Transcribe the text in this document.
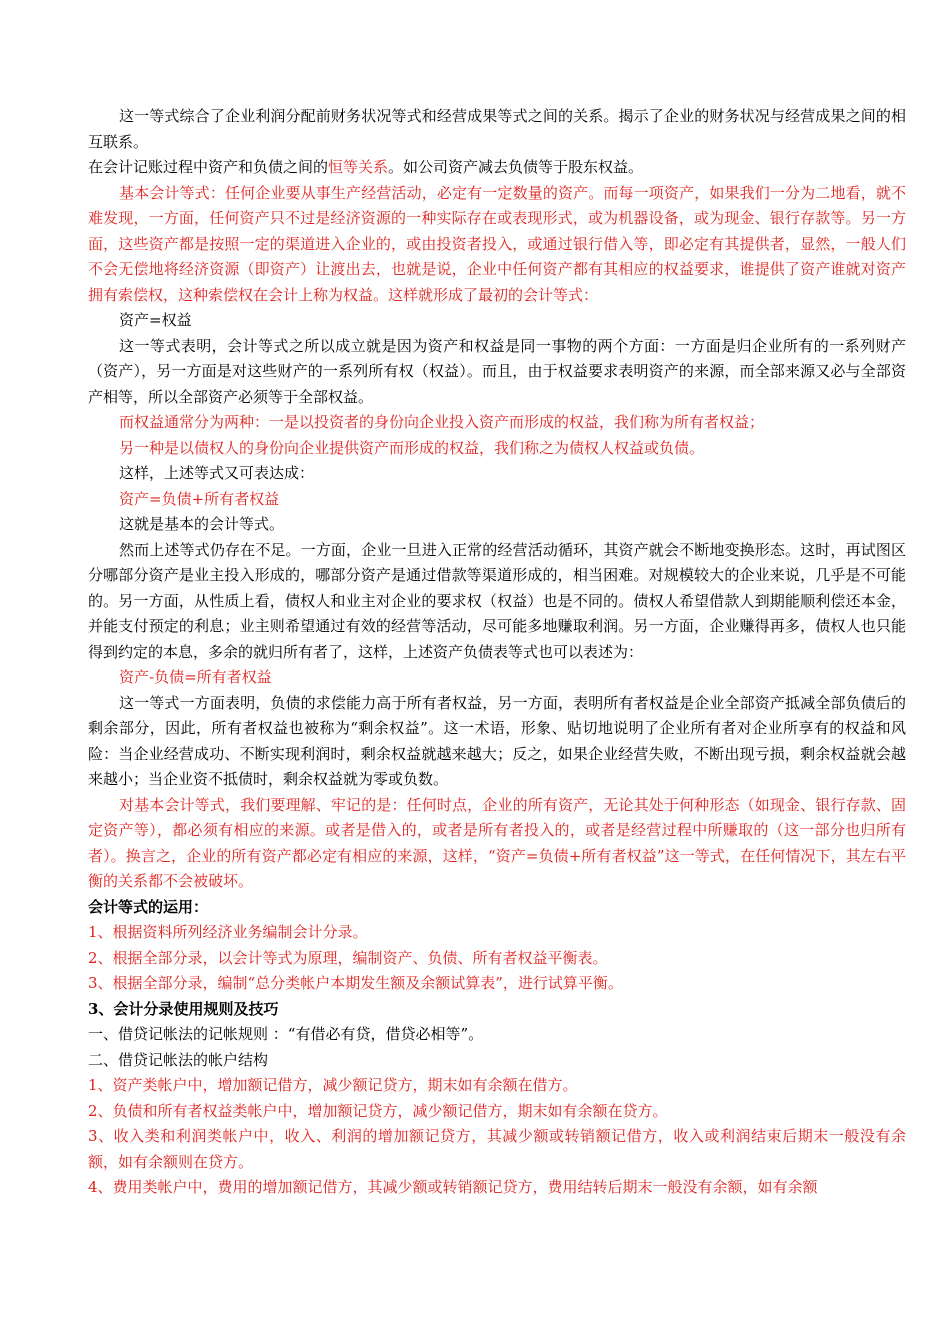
这一等式综合了企业利润分配前财务状况等式和经营成果等式之间的关系。揭示了企业的财务状况与经营成果之间的相互联系。

在会计记账过程中资产和负债之间的恒等关系。如公司资产减去负债等于股东权益。

基本会计等式：任何企业要从事生产经营活动，必定有一定数量的资产。而每一项资产，如果我们一分为二地看，就不难发现，一方面，任何资产只不过是经济资源的一种实际存在或表现形式，或为机器设备，或为现金、银行存款等。另一方面，这些资产都是按照一定的渠道进入企业的，或由投资者投入，或通过银行借入等，即必定有其提供者，显然，一般人们不会无偿地将经济资源（即资产）让渡出去，也就是说，企业中任何资产都有其相应的权益要求，谁提供了资产谁就对资产拥有索偿权，这种索偿权在会计上称为权益。这样就形成了最初的会计等式：

资产=权益

这一等式表明，会计等式之所以成立就是因为资产和权益是同一事物的两个方面：一方面是归企业所有的一系列财产（资产），另一方面是对这些财产的一系列所有权（权益）。而且，由于权益要求表明资产的来源，而全部来源又必与全部资产相等，所以全部资产必须等于全部权益。

而权益通常分为两种：一是以投资者的身份向企业投入资产而形成的权益，我们称为所有者权益；

另一种是以债权人的身份向企业提供资产而形成的权益，我们称之为债权人权益或负债。

这样，上述等式又可表达成：

资产=负债+所有者权益

这就是基本的会计等式。

然而上述等式仍存在不足。一方面，企业一旦进入正常的经营活动循环，其资产就会不断地变换形态。这时，再试图区分哪部分资产是业主投入形成的，哪部分资产是通过借款等渠道形成的，相当困难。对规模较大的企业来说，几乎是不可能的。另一方面，从性质上看，债权人和业主对企业的要求权（权益）也是不同的。债权人希望借款人到期能顺利偿还本金，并能支付预定的利息；业主则希望通过有效的经营等活动，尽可能多地赚取利润。另一方面，企业赚得再多，债权人也只能得到约定的本息，多余的就归所有者了，这样，上述资产负债表等式也可以表述为：

资产-负债=所有者权益

这一等式一方面表明，负债的求偿能力高于所有者权益，另一方面，表明所有者权益是企业全部资产抵减全部负债后的剩余部分，因此，所有者权益也被称为“剩余权益”。这一术语，形象、贴切地说明了企业所有者对企业所享有的权益和风险：当企业经营成功、不断实现利润时，剩余权益就越来越大；反之，如果企业经营失败，不断出现亏损，剩余权益就会越来越小；当企业资不抵债时，剩余权益就为零或负数。

对基本会计等式，我们要理解、牢记的是：任何时点，企业的所有资产，无论其处于何种形态（如现金、银行存款、固定资产等），都必须有相应的来源。或者是借入的，或者是所有者投入的，或者是经营过程中所赚取的（这一部分也归所有者）。换言之，企业的所有资产都必定有相应的来源，这样，“资产=负债+所有者权益”这一等式，在任何情况下，其左右平衡的关系都不会被破坏。

会计等式的运用：

1、根据资料所列经济业务编制会计分录。

2、根据全部分录，以会计等式为原理，编制资产、负债、所有者权益平衡表。

3、根据全部分录，编制“总分类帐户本期发生额及余额试算表”，进行试算平衡。

3、会计分录使用规则及技巧

一、借贷记帐法的记帐规则 ：“有借必有贷，借贷必相等”。

二、借贷记帐法的帐户结构

1、资产类帐户中，增加额记借方，减少额记贷方，期末如有余额在借方。

2、负债和所有者权益类帐户中，增加额记贷方，减少额记借方，期末如有余额在贷方。

3、收入类和利润类帐户中，收入、利润的增加额记贷方，其减少额或转销额记借方，收入或利润结束后期末一般没有余额，如有余额则在贷方。

4、费用类帐户中，费用的增加额记借方，其减少额或转销额记贷方，费用结转后期末一般没有余额，如有余额
